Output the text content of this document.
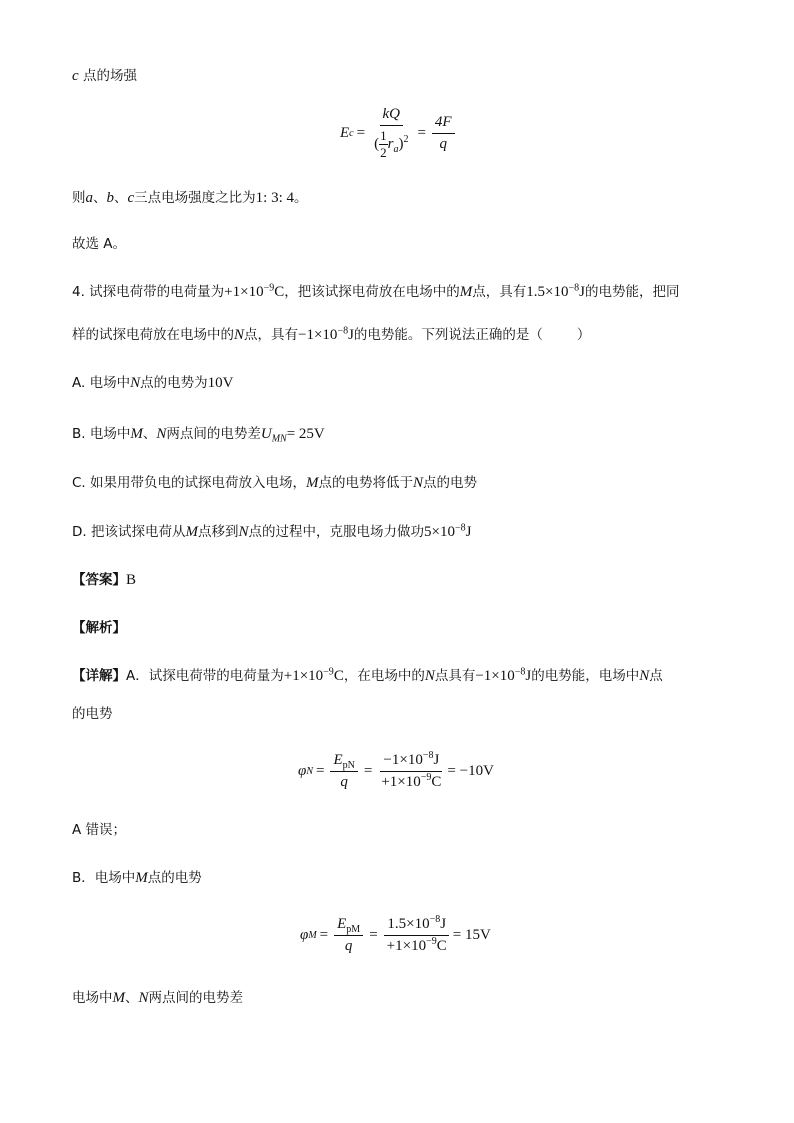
c 点的场强
E $c = \frac{kQ}{( \frac{1}{2} r_a)^2} = \frac{4F}{q}$
则a、b、c三点电场强度之比为1: 3: 4。
故选 A。
4. 试探电荷带的电荷量为$+1\times 10^{-9}C$，把该试探电荷放在电场中的M点，具有$1.5\times 10^{-8}J$的电势能，把同
样的试探电荷放在电场中的N点，具有$-1\times 10^{-8}J$的电势能。下列说法正确的是（	）
A. 电场中N点的电势为10V
B. 电场中M、N两点间的电势差$U_{MN}= 25V$
C. 如果用带负电的试探电荷放入电场，M点的电势将低于N点的电势
D. 把该试探电荷从M点移到N点的过程中，克服电场力做功$5\times 10^{-8}J$
【答案】B
【解析】
【详解】A．试探电荷带的电荷量为$+1\times 10^{-9}C$，在电场中的N点具有$-1\times 10^{-8}J$的电势能，电场中N点
的电势
φ $N = \frac{E_{pN}}{q} = \frac{-1\times 10^{-8}J}{+1\times 10^{-9}C} = -10V$
A 错误；
B．电场中M点的电势
φ $M = \frac{E_{pM}}{q} = \frac{1.5\times 10^{-8}J}{+1\times 10^{-9}C} = 15V$
电场中M、N两点间的电势差
